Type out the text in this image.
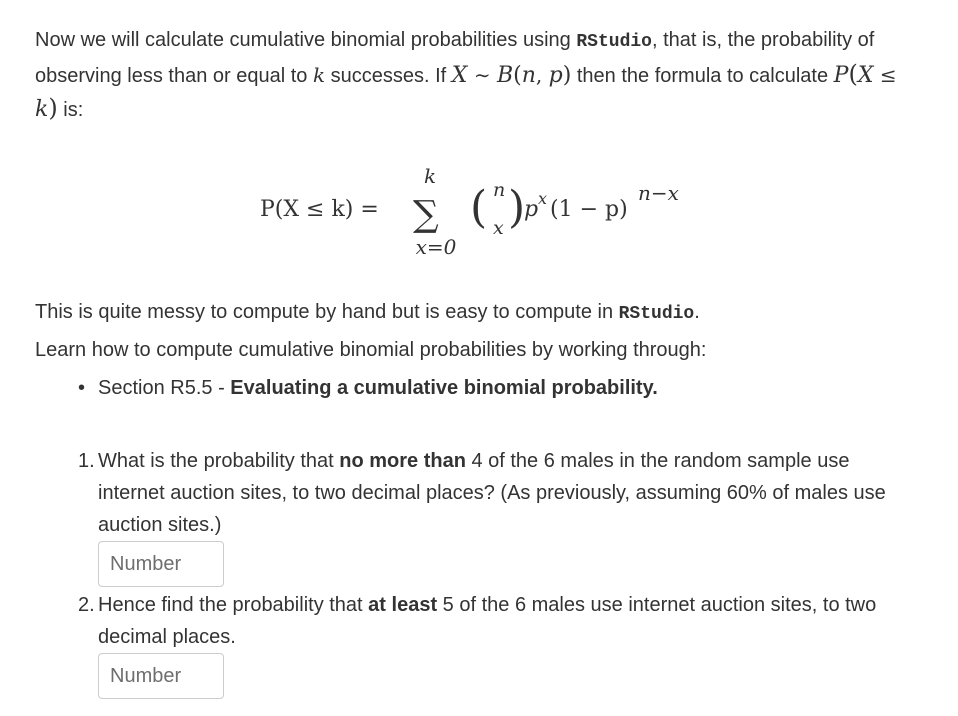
Now we will calculate cumulative binomial probabilities using RStudio, that is, the probability of observing less than or equal to k successes. If X ∼ B(n, p) then the formula to calculate P(X ≤ k) is:

P(X ≤ k) = ∑
k
x=0
( n
x )
p x (1 − p)
n−x

This is quite messy to compute by hand but is easy to compute in RStudio.

Learn how to compute cumulative binomial probabilities by working through:

• Section R5.5 - Evaluating a cumulative binomial probability.
1. What is the probability that no more than 4 of the 6 males in the random sample use internet auction sites, to two decimal places? (As previously, assuming 60% of males use auction sites.)
Number
2. Hence find the probability that at least 5 of the 6 males use internet auction sites, to two decimal places.
Number
